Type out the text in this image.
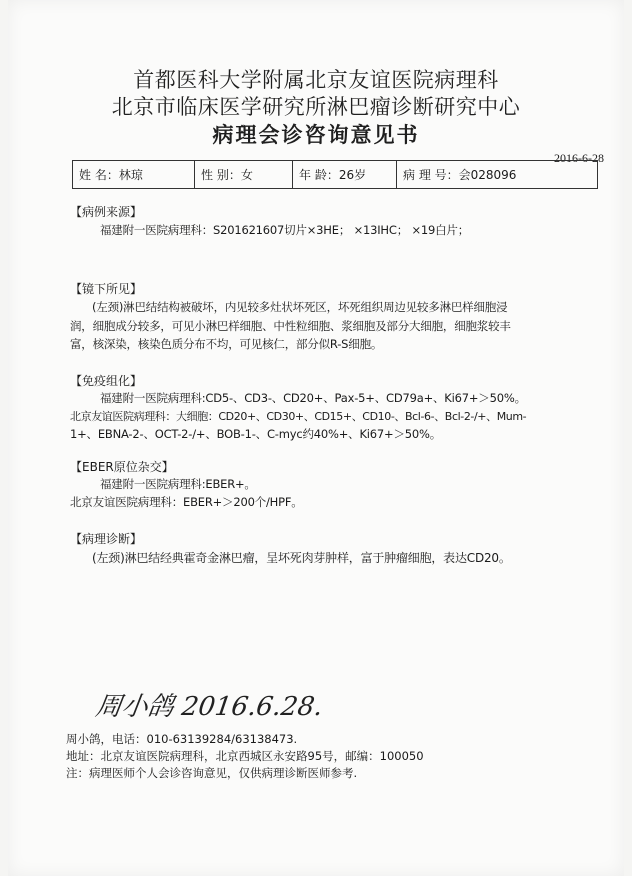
首都医科大学附属北京友谊医院病理科
北京市临床医学研究所淋巴瘤诊断研究中心
病理会诊咨询意见书
2016-6-28
姓 名：林琼	性 别：女	年 龄：26岁	病 理 号：会028096
【病例来源】
福建附一医院病理科：S201621607切片×3HE； ×13IHC； ×19白片；
【镜下所见】
(左颈)淋巴结结构被破坏，内见较多灶状坏死区，坏死组织周边见较多淋巴样细胞浸
润，细胞成分较多，可见小淋巴样细胞、中性粒细胞、浆细胞及部分大细胞，细胞浆较丰
富，核深染，核染色质分布不均，可见核仁，部分似R-S细胞。
【免疫组化】
福建附一医院病理科:CD5-、CD3-、CD20+、Pax-5+、CD79a+、Ki67+＞50%。
北京友谊医院病理科：大细胞：CD20+、CD30+、CD15+、CD10-、Bcl-6-、Bcl-2-/+、Mum-
1+、EBNA-2-、OCT-2-/+、BOB-1-、C-myc约40%+、Ki67+＞50%。
【EBER原位杂交】
福建附一医院病理科:EBER+。
北京友谊医院病理科：EBER+＞200个/HPF。
【病理诊断】
(左颈)淋巴结经典霍奇金淋巴瘤，呈坏死肉芽肿样，富于肿瘤细胞，表达CD20。
周小鸽 2016.6.28.
周小鸽，电话：010-63139284/63138473.
地址：北京友谊医院病理科，北京西城区永安路95号，邮编：100050
注：病理医师个人会诊咨询意见，仅供病理诊断医师参考.
